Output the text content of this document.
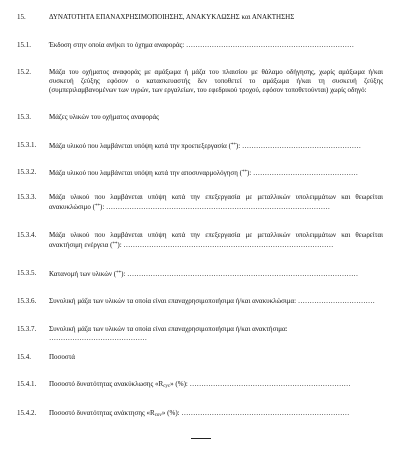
15.	ΔΥΝΑΤΟΤΗΤΑ ΕΠΑΝΑΧΡΗΣΙΜΟΠΟΙΗΣΗΣ, ΑΝΑΚΥΚΛΩΣΗΣ και ΑΝΑΚΤΗΣΗΣ
15.1.	Έκδοση στην οποία ανήκει το όχημα αναφοράς: ………………………………………………………………
15.2.	Μάζα του οχήματος αναφοράς με αμάξωμα ή μάζα του πλαισίου με θάλαμο οδήγησης, χωρίς αμάξωμα ή/και
συσκευή ζεύξης εφόσον ο κατασκευαστής δεν τοποθετεί το αμάξωμα ή/και τη συσκευή ζεύξης
(συμπεριλαμβανομένων των υγρών, των εργαλείων, του εφεδρικού τροχού, εφόσον τοποθετούνται) χωρίς οδηγό:
15.3.	Μάζες υλικών του οχήματος αναφοράς
15.3.1. Μάζα υλικού που λαμβάνεται υπόψη κατά την προεπεξεργασία (**): ……………………………………………
15.3.2. Μάζα υλικού που λαμβάνεται υπόψη κατά την αποσυναρμολόγηση (**): ………………………………………
15.3.3. Μάζα υλικού που λαμβάνεται υπόψη κατά την επεξεργασία με μεταλλικών υπολειμμάτων και θεωρείται
ανακυκλώσιμο (**): ……………………………………………………………………………………
15.3.4. Μάζα υλικού που λαμβάνεται υπόψη κατά την επεξεργασία με μεταλλικών υπολειμμάτων και θεωρείται
ανακτήσιμη ενέργεια (**): ………………………………………………………………………………
15.3.5. Κατανομή των υλικών (**): ………………………………………………………………………………………
15.3.6. Συνολική μάζα των υλικών τα οποία είναι επαναχρησιμοποιήσιμα ή/και ανακυκλώσιμα: ……………………………
15.3.7. Συνολική μάζα των υλικών τα οποία είναι επαναχρησιμοποιήσιμα ή/και ανακτήσιμα: ……………………………………
15.4.	Ποσοστά
15.4.1. Ποσοστό δυνατότητας ανακύκλωσης «$R_{cyc}$» (%): ……………………………………………………………
15.4.2. Ποσοστό δυνατότητας ανάκτησης «$R_{cov}$» (%): ………………………………………………………………
